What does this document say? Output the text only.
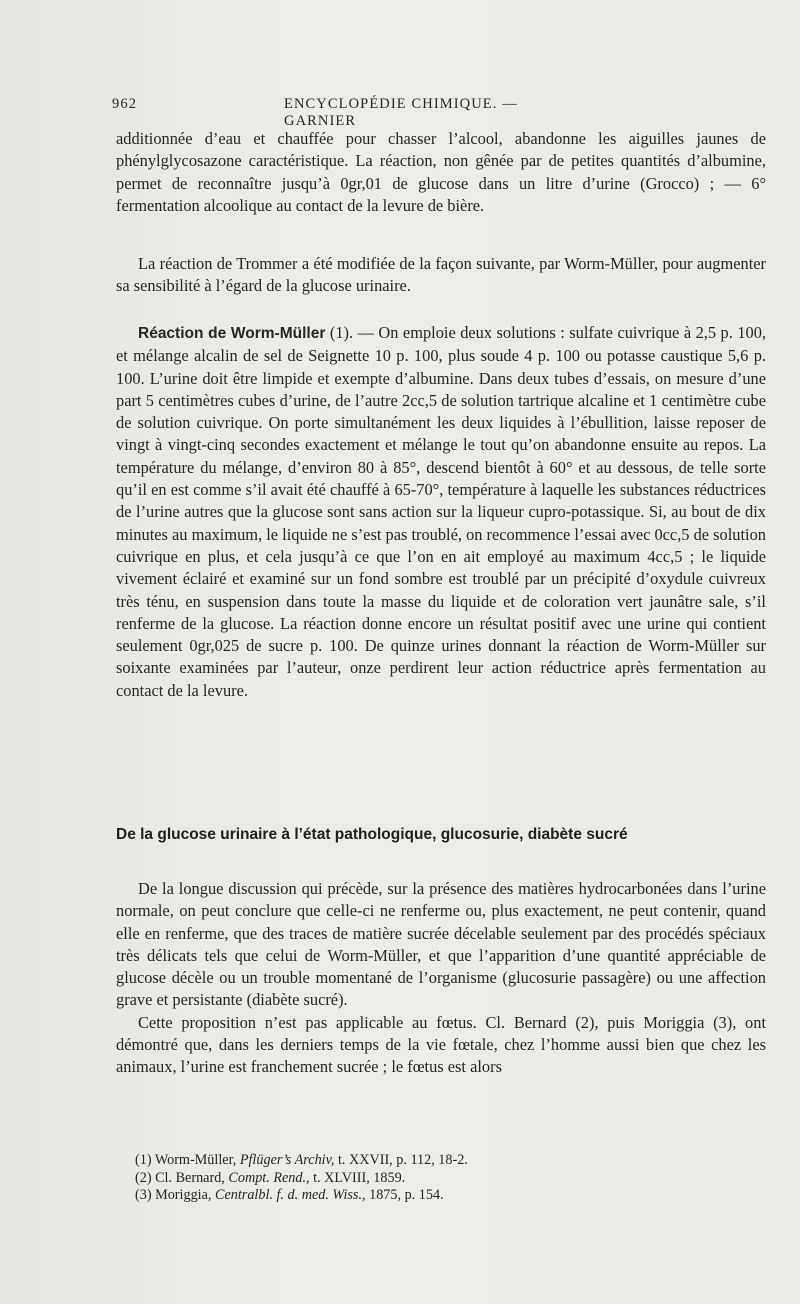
962	ENCYCLOPÉDIE CHIMIQUE. — GARNIER

additionnée d’eau et chauffée pour chasser l’alcool, abandonne les aiguilles jaunes de phénylglycosazone caractéristique. La réaction, non gênée par de petites quantités d’albumine, permet de reconnaître jusqu’à 0gr,01 de glucose dans un litre d’urine (Grocco) ; — 6° fermentation alcoolique au contact de la levure de bière.

La réaction de Trommer a été modifiée de la façon suivante, par Worm-Müller, pour augmenter sa sensibilité à l’égard de la glucose urinaire.

Réaction de Worm-Müller (1). — On emploie deux solutions : sulfate cuivrique à 2,5 p. 100, et mélange alcalin de sel de Seignette 10 p. 100, plus soude 4 p. 100 ou potasse caustique 5,6 p. 100. L’urine doit être limpide et exempte d’albumine. Dans deux tubes d’essais, on mesure d’une part 5 centimètres cubes d’urine, de l’autre 2cc,5 de solution tartrique alcaline et 1 centimètre cube de solution cuivrique. On porte simultanément les deux liquides à l’ébullition, laisse reposer de vingt à vingt-cinq secondes exactement et mélange le tout qu’on abandonne ensuite au repos. La température du mélange, d’environ 80 à 85°, descend bientôt à 60° et au dessous, de telle sorte qu’il en est comme s’il avait été chauffé à 65-70°, température à laquelle les substances réductrices de l’urine autres que la glucose sont sans action sur la liqueur cupro-potassique. Si, au bout de dix minutes au maximum, le liquide ne s’est pas troublé, on recommence l’essai avec 0cc,5 de solution cuivrique en plus, et cela jusqu’à ce que l’on en ait employé au maximum 4cc,5 ; le liquide vivement éclairé et examiné sur un fond sombre est troublé par un précipité d’oxydule cuivreux très ténu, en suspension dans toute la masse du liquide et de coloration vert jaunâtre sale, s’il renferme de la glucose. La réaction donne encore un résultat positif avec une urine qui contient seulement 0gr,025 de sucre p. 100. De quinze urines donnant la réaction de Worm-Müller sur soixante examinées par l’auteur, onze perdirent leur action réductrice après fermentation au contact de la levure.

De la glucose urinaire à l’état pathologique, glucosurie, diabète sucré

De la longue discussion qui précède, sur la présence des matières hydrocarbonées dans l’urine normale, on peut conclure que celle-ci ne renferme ou, plus exactement, ne peut contenir, quand elle en renferme, que des traces de matière sucrée décelable seulement par des procédés spéciaux très délicats tels que celui de Worm-Müller, et que l’apparition d’une quantité appréciable de glucose décèle ou un trouble momentané de l’organisme (glucosurie passagère) ou une affection grave et persistante (diabète sucré).

Cette proposition n’est pas applicable au fœtus. Cl. Bernard (2), puis Moriggia (3), ont démontré que, dans les derniers temps de la vie fœtale, chez l’homme aussi bien que chez les animaux, l’urine est franchement sucrée ; le fœtus est alors

(1) Worm-Müller, Pflüger’s Archiv, t. XXVII, p. 112, 18-2.
(2) Cl. Bernard, Compt. Rend., t. XLVIII, 1859.
(3) Moriggia, Centralbl. f. d. med. Wiss., 1875, p. 154.
